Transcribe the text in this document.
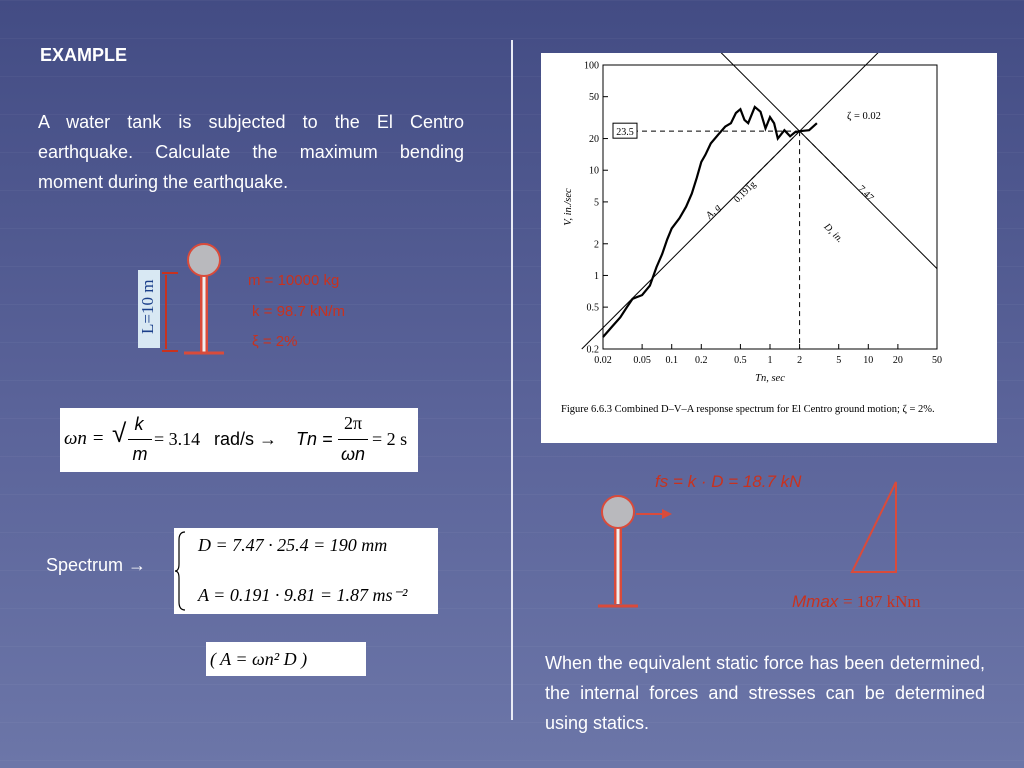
EXAMPLE
A water tank is subjected to the El Centro earthquake. Calculate the maximum bending moment during the earthquake.
L=10 m	m = 10000 kg
k = 98.7 kN/m
ξ = 2%
ωn = √ k
m
= 3.14 rad/s → Tn =
2π
ωn
= 2 s
Spectrum →
D = 7.47 · 25.4 = 190 mm
A = 0.191 · 9.81 = 1.87 ms⁻²
( A = ωn² D )
0.02 0.05 0.1 0.2	0.5 1 2	5 10 20	50
0.2
0.5
1
2
5
10
20
50
100
Tn, sec
V, in./sec
23.5
0.191g	7.47
A, g
D, in.
ζ = 0.02
Figure 6.6.3 Combined D–V–A response spectrum for El Centro ground motion; ζ = 2%.
fs = k · D = 18.7 kN
Mmax = 187 kNm
When the equivalent static force has been determined, the internal forces and stresses can be determined using statics.
